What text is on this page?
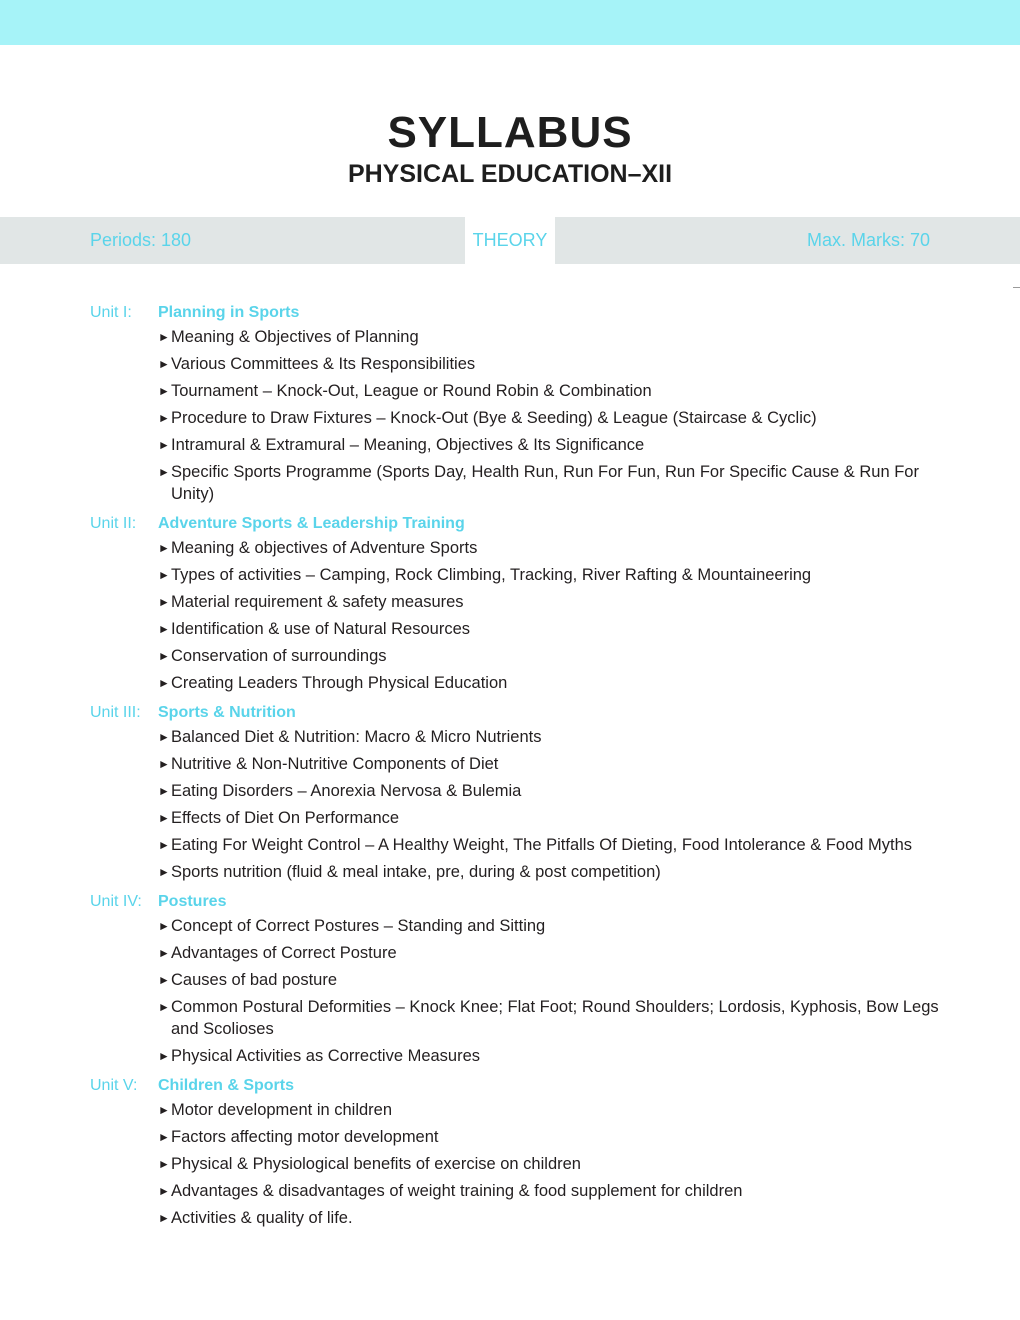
SYLLABUS
PHYSICAL EDUCATION–XII
Periods: 180	THEORY	Max. Marks: 70
Unit I:	Planning in Sports
► Meaning & Objectives of Planning
► Various Committees & Its Responsibilities
► Tournament – Knock-Out, League or Round Robin & Combination
► Procedure to Draw Fixtures – Knock-Out (Bye & Seeding) & League (Staircase & Cyclic)
► Intramural & Extramural – Meaning, Objectives & Its Significance
► Specific Sports Programme (Sports Day, Health Run, Run For Fun, Run For Specific Cause & Run For Unity)
Unit II:	Adventure Sports & Leadership Training
► Meaning & objectives of Adventure Sports
► Types of activities – Camping, Rock Climbing, Tracking, River Rafting & Mountaineering
► Material requirement & safety measures
► Identification & use of Natural Resources
► Conservation of surroundings
► Creating Leaders Through Physical Education
Unit III:	Sports & Nutrition
► Balanced Diet & Nutrition: Macro & Micro Nutrients
► Nutritive & Non-Nutritive Components of Diet
► Eating Disorders – Anorexia Nervosa & Bulemia
► Effects of Diet On Performance
► Eating For Weight Control – A Healthy Weight, The Pitfalls Of Dieting, Food Intolerance & Food Myths
► Sports nutrition (fluid & meal intake, pre, during & post competition)
Unit IV:	Postures
► Concept of Correct Postures – Standing and Sitting
► Advantages of Correct Posture
► Causes of bad posture
► Common Postural Deformities – Knock Knee; Flat Foot; Round Shoulders; Lordosis, Kyphosis, Bow Legs and Scolioses
► Physical Activities as Corrective Measures
Unit V:	Children & Sports
► Motor development in children
► Factors affecting motor development
► Physical & Physiological benefits of exercise on children
► Advantages & disadvantages of weight training & food supplement for children
► Activities & quality of life.
